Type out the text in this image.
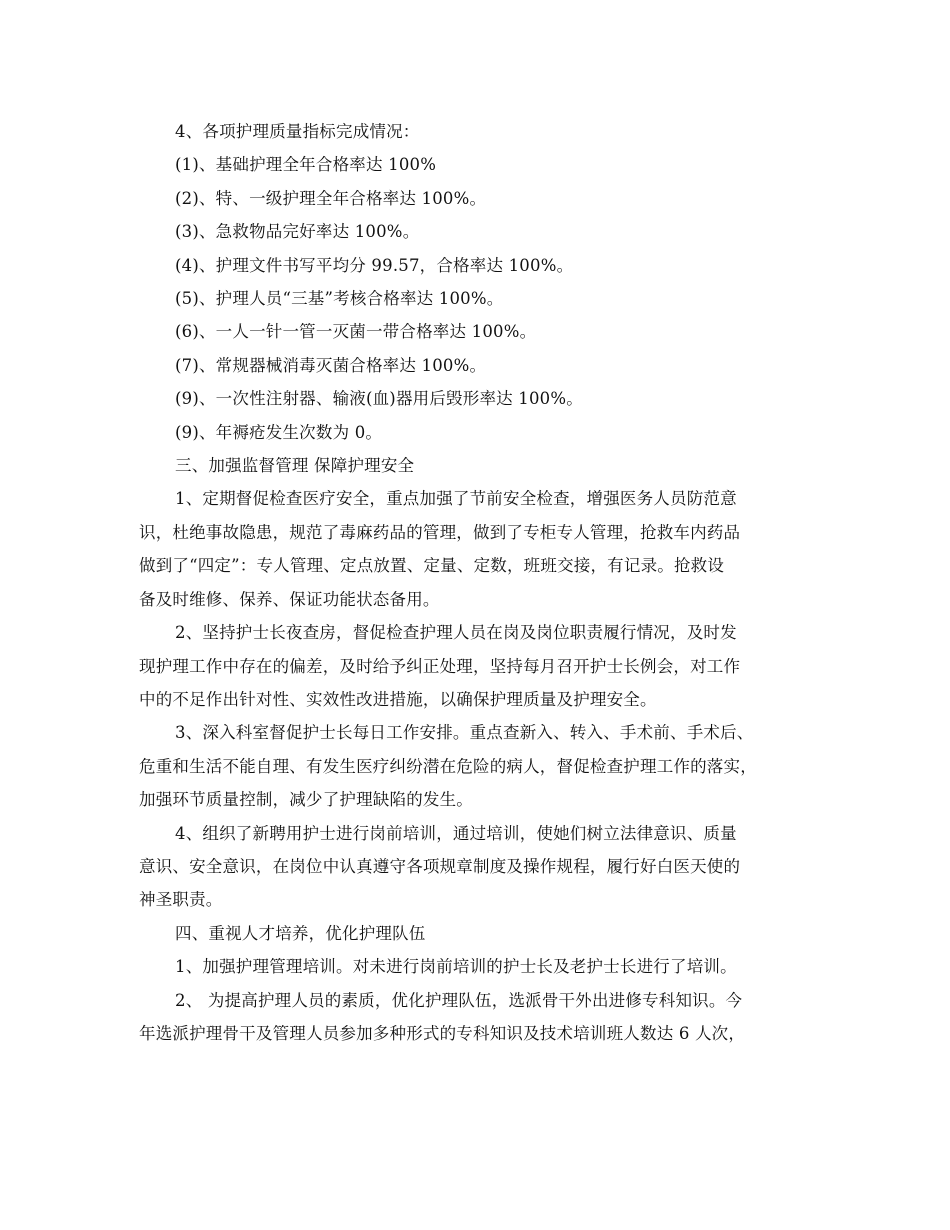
4、各项护理质量指标完成情况：
(1)、基础护理全年合格率达 100%
(2)、特、一级护理全年合格率达 100%。
(3)、急救物品完好率达 100%。
(4)、护理文件书写平均分 99.57，合格率达 100%。
(5)、护理人员“三基”考核合格率达 100%。
(6)、一人一针一管一灭菌一带合格率达 100%。
(7)、常规器械消毒灭菌合格率达 100%。
(9)、一次性注射器、输液(血)器用后毁形率达 100%。
(9)、年褥疮发生次数为 0。
三、加强监督管理 保障护理安全
1、定期督促检查医疗安全，重点加强了节前安全检查，增强医务人员防范意
识，杜绝事故隐患，规范了毒麻药品的管理，做到了专柜专人管理，抢救车内药品
做到了“四定”：专人管理、定点放置、定量、定数，班班交接，有记录。抢救设
备及时维修、保养、保证功能状态备用。
2、坚持护士长夜查房，督促检查护理人员在岗及岗位职责履行情况，及时发
现护理工作中存在的偏差，及时给予纠正处理，坚持每月召开护士长例会，对工作
中的不足作出针对性、实效性改进措施，以确保护理质量及护理安全。
3、深入科室督促护士长每日工作安排。重点查新入、转入、手术前、手术后、
危重和生活不能自理、有发生医疗纠纷潜在危险的病人，督促检查护理工作的落实，
加强环节质量控制，减少了护理缺陷的发生。
4、组织了新聘用护士进行岗前培训，通过培训，使她们树立法律意识、质量
意识、安全意识，在岗位中认真遵守各项规章制度及操作规程，履行好白医天使的
神圣职责。
四、重视人才培养，优化护理队伍
1、加强护理管理培训。对未进行岗前培训的护士长及老护士长进行了培训。
2、 为提高护理人员的素质，优化护理队伍，选派骨干外出进修专科知识。今
年选派护理骨干及管理人员参加多种形式的专科知识及技术培训班人数达 6 人次，
